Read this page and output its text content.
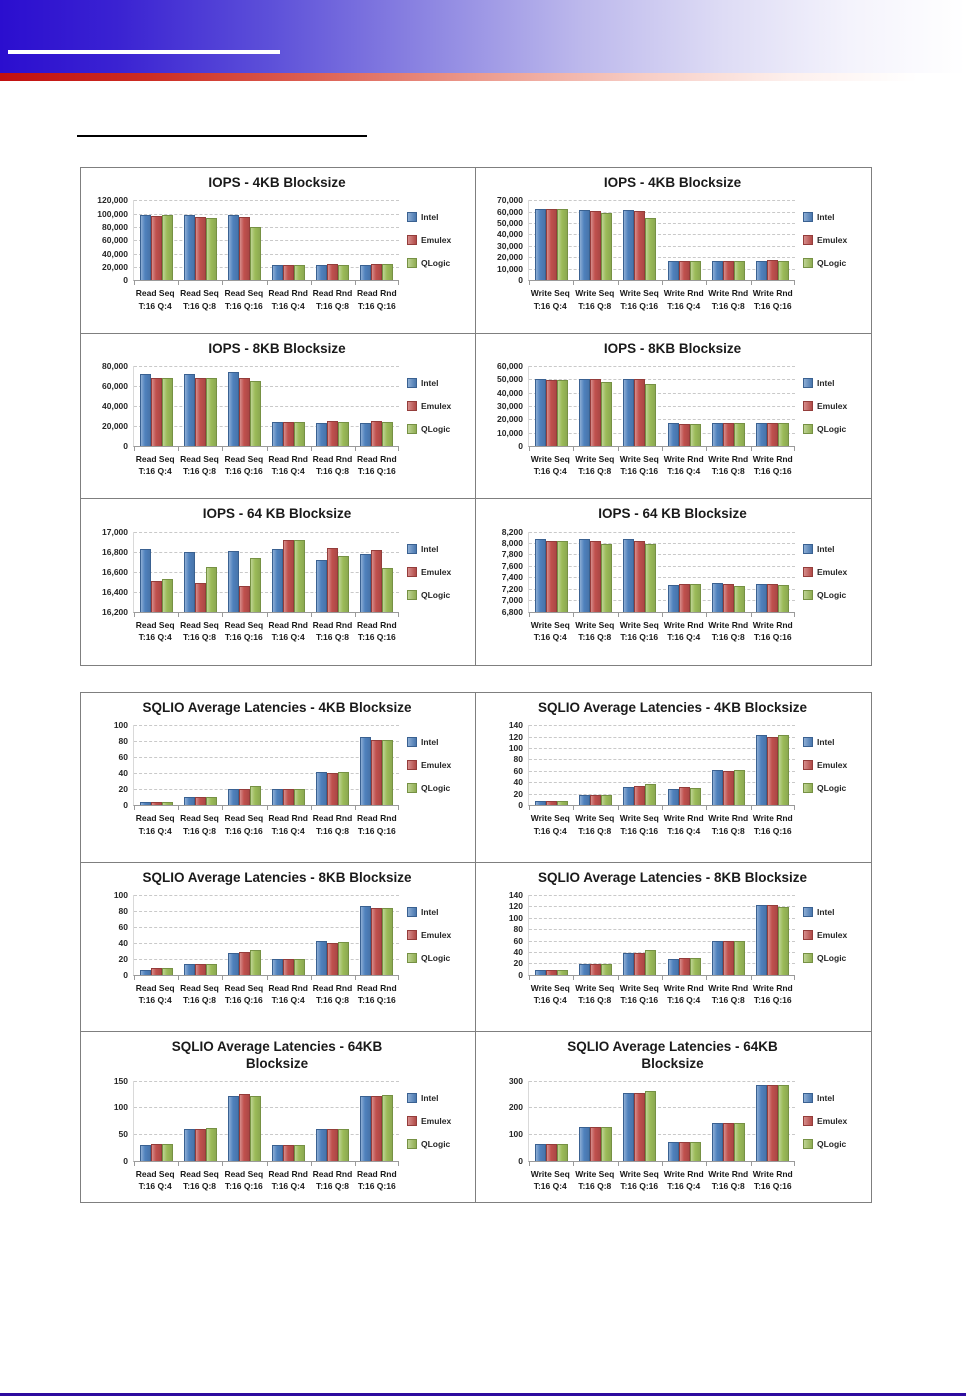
IOPS - 4KB Blocksize
0
20,000
40,000
60,000
80,000
100,000
120,000
Intel
Emulex
QLogic
Read Seq
T:16 Q:4
Read Seq
T:16 Q:8
Read Seq
T:16 Q:16
Read Rnd
T:16 Q:4
Read Rnd
T:16 Q:8
Read Rnd
T:16 Q:16
IOPS - 4KB Blocksize
0
10,000
20,000
30,000
40,000
50,000
60,000
70,000
Intel
Emulex
QLogic
Write Seq
T:16 Q:4
Write Seq
T:16 Q:8
Write Seq
T:16 Q:16
Write Rnd
T:16 Q:4
Write Rnd
T:16 Q:8
Write Rnd
T:16 Q:16
IOPS - 8KB Blocksize
0
20,000
40,000
60,000
80,000
Intel
Emulex
QLogic
Read Seq
T:16 Q:4
Read Seq
T:16 Q:8
Read Seq
T:16 Q:16
Read Rnd
T:16 Q:4
Read Rnd
T:16 Q:8
Read Rnd
T:16 Q:16
IOPS - 8KB Blocksize
0
10,000
20,000
30,000
40,000
50,000
60,000
Intel
Emulex
QLogic
Write Seq
T:16 Q:4
Write Seq
T:16 Q:8
Write Seq
T:16 Q:16
Write Rnd
T:16 Q:4
Write Rnd
T:16 Q:8
Write Rnd
T:16 Q:16
IOPS - 64 KB Blocksize
16,200
16,400
16,600
16,800
17,000
Intel
Emulex
QLogic
Read Seq
T:16 Q:4
Read Seq
T:16 Q:8
Read Seq
T:16 Q:16
Read Rnd
T:16 Q:4
Read Rnd
T:16 Q:8
Read Rnd
T:16 Q:16
IOPS - 64 KB Blocksize
6,800
7,000
7,200
7,400
7,600
7,800
8,000
8,200
Intel
Emulex
QLogic
Write Seq
T:16 Q:4
Write Seq
T:16 Q:8
Write Seq
T:16 Q:16
Write Rnd
T:16 Q:4
Write Rnd
T:16 Q:8
Write Rnd
T:16 Q:16
SQLIO Average Latencies - 4KB Blocksize
0
20
40
60
80
100
Intel
Emulex
QLogic
Read Seq
T:16 Q:4
Read Seq
T:16 Q:8
Read Seq
T:16 Q:16
Read Rnd
T:16 Q:4
Read Rnd
T:16 Q:8
Read Rnd
T:16 Q:16
SQLIO Average Latencies - 4KB Blocksize
0
20
40
60
80
100
120
140
Intel
Emulex
QLogic
Write Seq
T:16 Q:4
Write Seq
T:16 Q:8
Write Seq
T:16 Q:16
Write Rnd
T:16 Q:4
Write Rnd
T:16 Q:8
Write Rnd
T:16 Q:16
SQLIO Average Latencies - 8KB Blocksize
0
20
40
60
80
100
Intel
Emulex
QLogic
Read Seq
T:16 Q:4
Read Seq
T:16 Q:8
Read Seq
T:16 Q:16
Read Rnd
T:16 Q:4
Read Rnd
T:16 Q:8
Read Rnd
T:16 Q:16
SQLIO Average Latencies - 8KB Blocksize
0
20
40
60
80
100
120
140
Intel
Emulex
QLogic
Write Seq
T:16 Q:4
Write Seq
T:16 Q:8
Write Seq
T:16 Q:16
Write Rnd
T:16 Q:4
Write Rnd
T:16 Q:8
Write Rnd
T:16 Q:16
SQLIO Average Latencies - 64KB
Blocksize
0
50
100
150
Intel
Emulex
QLogic
Read Seq
T:16 Q:4
Read Seq
T:16 Q:8
Read Seq
T:16 Q:16
Read Rnd
T:16 Q:4
Read Rnd
T:16 Q:8
Read Rnd
T:16 Q:16
SQLIO Average Latencies - 64KB
Blocksize
0
100
200
300
Intel
Emulex
QLogic
Write Seq
T:16 Q:4
Write Seq
T:16 Q:8
Write Seq
T:16 Q:16
Write Rnd
T:16 Q:4
Write Rnd
T:16 Q:8
Write Rnd
T:16 Q:16
